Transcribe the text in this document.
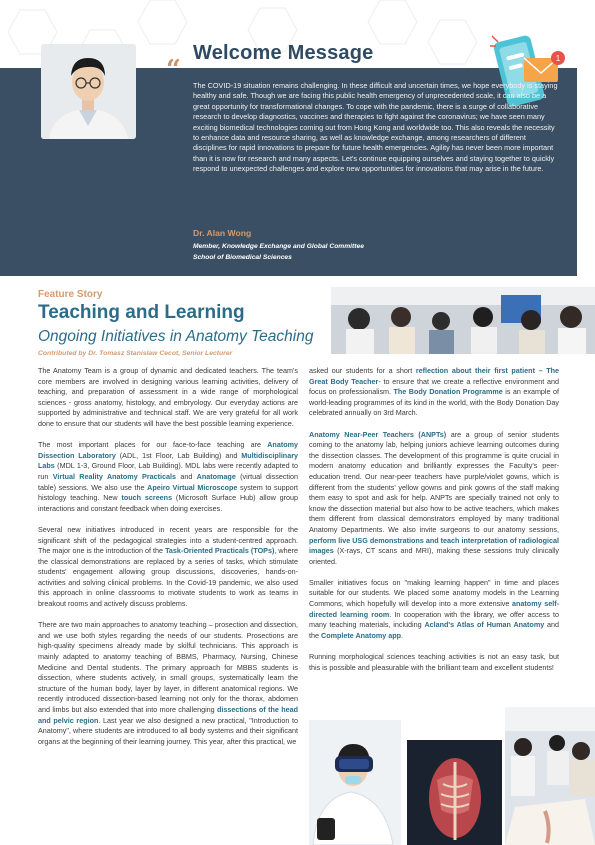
Welcome Message
“
”
1

The COVID-19 situation remains challenging. In these difficult and uncertain times, we hope everybody is staying healthy and safe. Though we are facing this public health emergency of unprecedented scale, it can also be a great opportunity for transformational changes. To cope with the pandemic, there is a surge of collaborative research to develop diagnostics, vaccines and therapies to fight against the coronavirus; we have seen many exciting biomedical technologies coming out from Hong Kong and worldwide too. This also reveals the necessity to enhance data and resource sharing, as well as knowledge exchange, among researchers of different disciplines for rapid innovations to prepare for future health emergencies. Agility has never been more important than it is now for research and many aspects. Let's continue equipping ourselves and staying together to quickly respond to unexpected challenges and explore new opportunities for innovations that may arise in the future.

Dr. Alan Wong
Member, Knowledge Exchange and Global Committee
School of Biomedical Sciences
Feature Story
Teaching and Learning
Ongoing Initiatives in Anatomy Teaching
Contributed by Dr. Tomasz Stanislaw Cecot, Senior Lecturer

The Anatomy Team is a group of dynamic and dedicated teachers. The team's core members are involved in designing various learning activities, delivery of teaching, and preparation of assessment in a wide range of morphological sciences - gross anatomy, histology, and embryology. Our everyday actions are supported by administrative and technical staff. We are very grateful for all work done to ensure that our students will have the best possible learning experience.

The most important places for our face-to-face teaching are Anatomy Dissection Laboratory (ADL, 1st Floor, Lab Building) and Multidisciplinary Labs (MDL 1-3, Ground Floor, Lab Building). MDL labs were recently adapted to run Virtual Reality Anatomy Practicals and Anatomage (virtual dissection table) sessions. We also use the Apeiro Virtual Microscope system to support histology teaching. New touch screens (Microsoft Surface Hub) allow group interactions and constant feedback when doing exercises.

Several new initiatives introduced in recent years are responsible for the significant shift of the pedagogical strategies into a student-centred approach. The major one is the introduction of the Task-Oriented Practicals (TOPs), where the classical demonstrations are replaced by a series of tasks, which stimulate students' engagement allowing group discussions, discoveries, hands-on-activities and solving clinical problems. In the Covid-19 pandemic, we also used this approach in online classrooms to motivate students to work as teams in breakout rooms and actively discuss problems.

There are two main approaches to anatomy teaching – prosection and dissection, and we use both styles regarding the needs of our students. Prosections are high-quality specimens already made by skilful technicians. This approach is mainly adapted to anatomy teaching of BBMS, Pharmacy, Nursing, Chinese Medicine and Dental students. The primary approach for MBBS students is dissection, where students actively, in small groups, systematically learn the structure of the human body, layer by layer, in different anatomical regions. We recently introduced dissection-based learning not only for the thorax, abdomen and limbs but also extended that into more challenging dissections of the head and pelvic region. Last year we also designed a new practical, "Introduction to Anatomy", where students are introduced to all body systems and their significant organs at the beginning of their learning journey. This year, after this practical, we

asked our students for a short reflection about their first patient – The Great Body Teacher- to ensure that we create a reflective environment and focus on professionalism. The Body Donation Programme is an example of world-leading programmes of its kind in the world, with the Body Donation Day celebrated annually on 3rd March.

Anatomy Near-Peer Teachers (ANPTs) are a group of senior students coming to the anatomy lab, helping juniors achieve learning outcomes during the dissection classes. The development of this programme is quite crucial in modern anatomy education and brilliantly expresses the Faculty's peer-education trend. Our near-peer teachers have purple/violet gowns, which is different from the students' yellow gowns and pink gowns of the staff making them easy to spot and ask for help. ANPTs are specially trained not only to know the dissection material but also how to be active teachers, which makes them different from classical demonstrators employed by many traditional Anatomy Departments. We also invite surgeons to our anatomy sessions, perform live USG demonstrations and teach interpretation of radiological images (X-rays, CT scans and MRI), making these sessions truly clinically oriented.

Smaller initiatives focus on "making learning happen" in time and places suitable for our students. We placed some anatomy models in the Learning Commons, which hopefully will develop into a more extensive anatomy self-directed learning room. In cooperation with the library, we offer access to many teaching materials, including Acland's Atlas of Human Anatomy and the Complete Anatomy app.

Running morphological sciences teaching activities is not an easy task, but this is possible and pleasurable with the brilliant team and excellent students!
